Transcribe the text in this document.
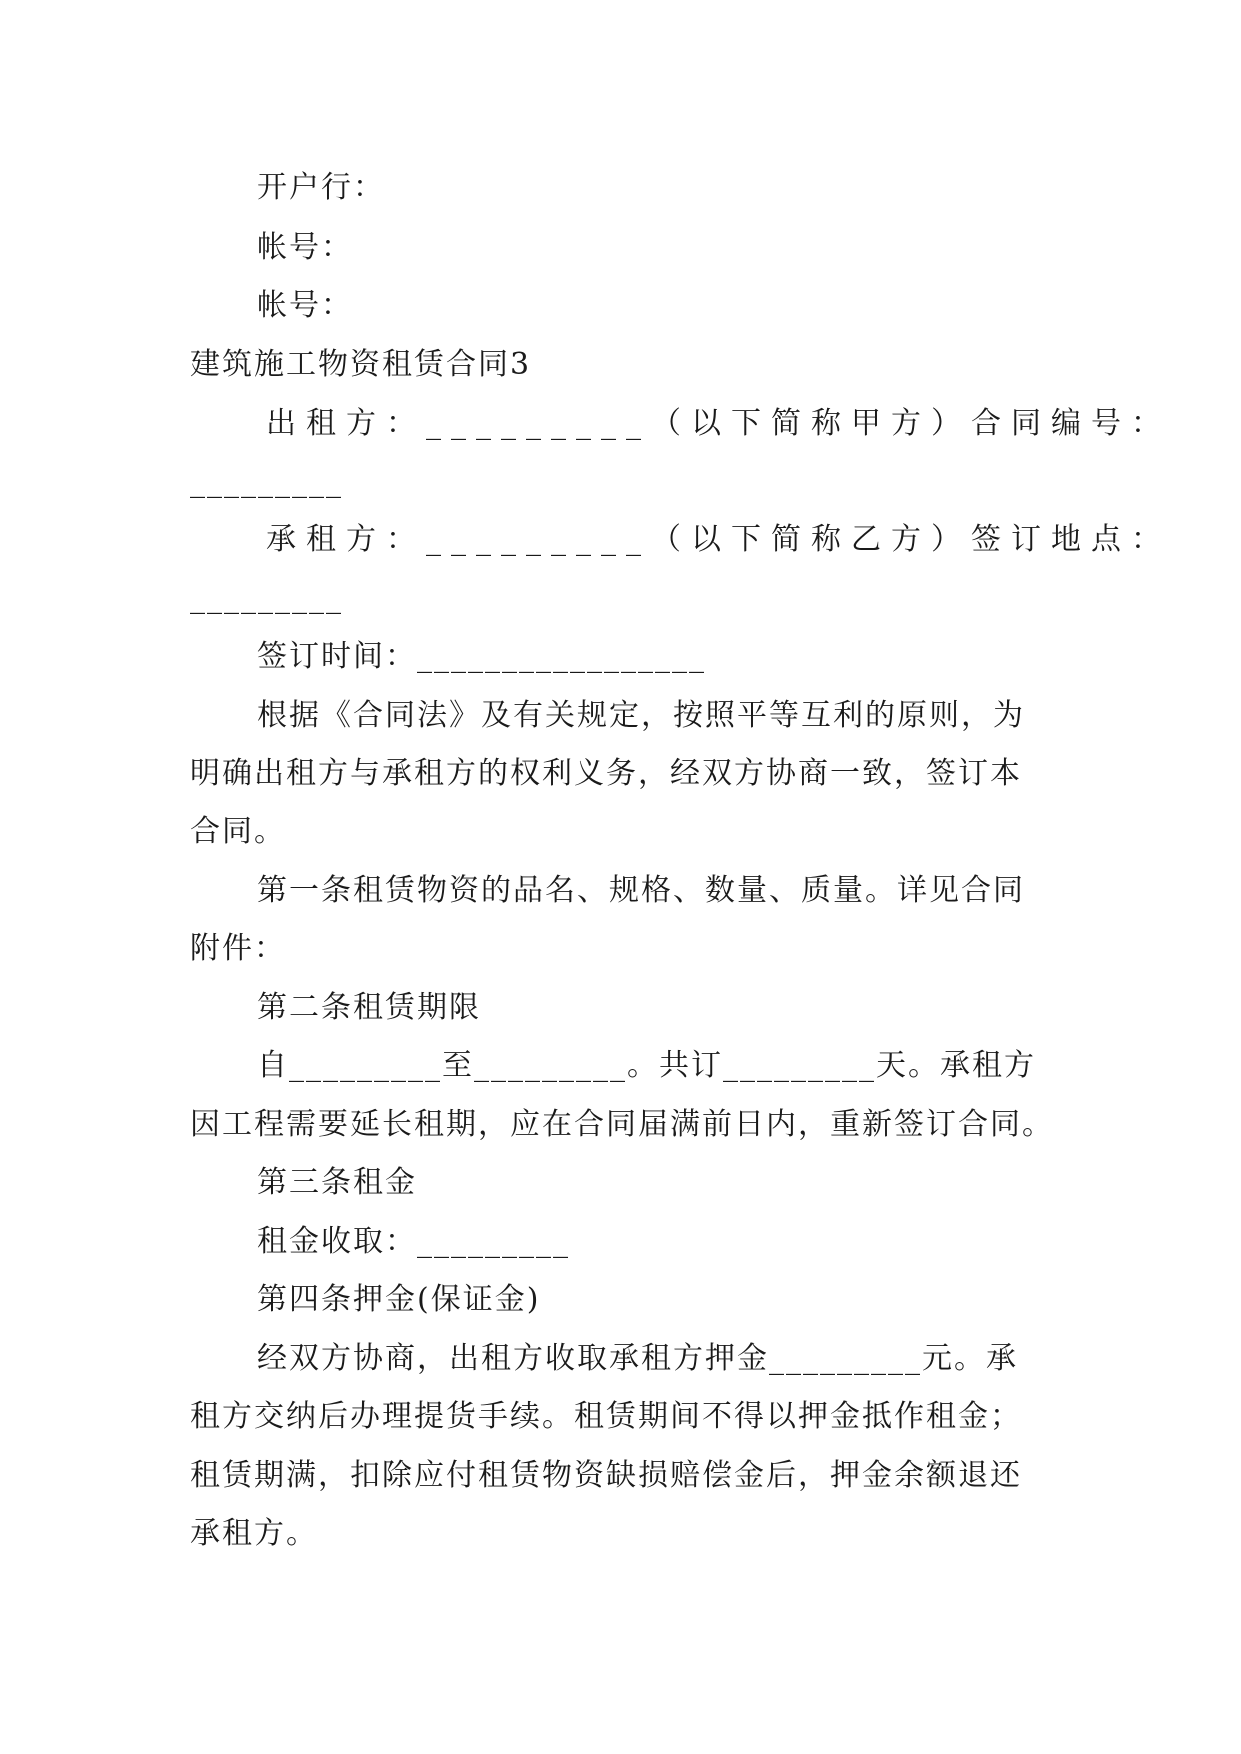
开户行：
帐号：
帐号：
建筑施工物资租赁合同3
出租方：_________（以下简称甲方）合同编号：
_________
承租方：_________（以下简称乙方）签订地点：
_________
签订时间：_________________
根据《合同法》及有关规定，按照平等互利的原则，为
明确出租方与承租方的权利义务，经双方协商一致，签订本
合同。
第一条租赁物资的品名、规格、数量、质量。详见合同
附件：
第二条租赁期限
自_________至_________。共订_________天。承租方
因工程需要延长租期，应在合同届满前日内，重新签订合同。
第三条租金
租金收取：_________
第四条押金(保证金)
经双方协商，出租方收取承租方押金_________元。承
租方交纳后办理提货手续。租赁期间不得以押金抵作租金；
租赁期满，扣除应付租赁物资缺损赔偿金后，押金余额退还
承租方。
